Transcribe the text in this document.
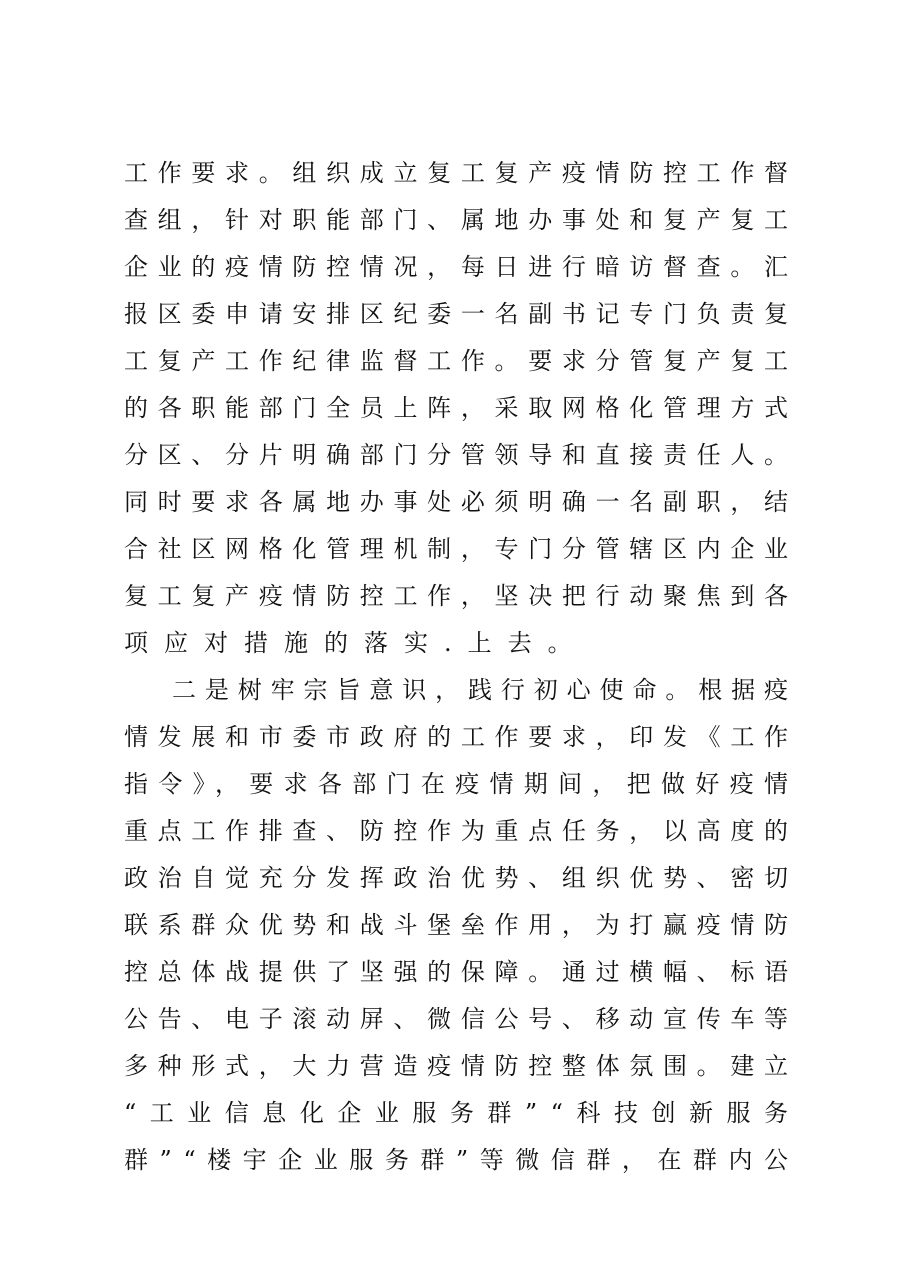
工作要求。组织成立复工复产疫情防控工作督
查组，针对职能部门、属地办事处和复产复工
企业的疫情防控情况，每日进行暗访督查。汇
报区委申请安排区纪委一名副书记专门负责复
工复产工作纪律监督工作。要求分管复产复工
的各职能部门全员上阵，采取网格化管理方式
分区、分片明确部门分管领导和直接责任人。
同时要求各属地办事处必须明确一名副职，结
合社区网格化管理机制，专门分管辖区内企业
复工复产疫情防控工作，坚决把行动聚焦到各
项应对措施的落实.上去。
二是树牢宗旨意识，践行初心使命。根据疫
情发展和市委市政府的工作要求，印发《工作
指令》，要求各部门在疫情期间，把做好疫情
重点工作排查、防控作为重点任务，以高度的
政治自觉充分发挥政治优势、组织优势、密切
联系群众优势和战斗堡垒作用，为打赢疫情防
控总体战提供了坚强的保障。通过横幅、标语
公告、电子滚动屏、微信公号、移动宣传车等
多种形式，大力营造疫情防控整体氛围。建立
“工业信息化企业服务群”“科技创新服务
群”“楼宇企业服务群”等微信群，在群内公
